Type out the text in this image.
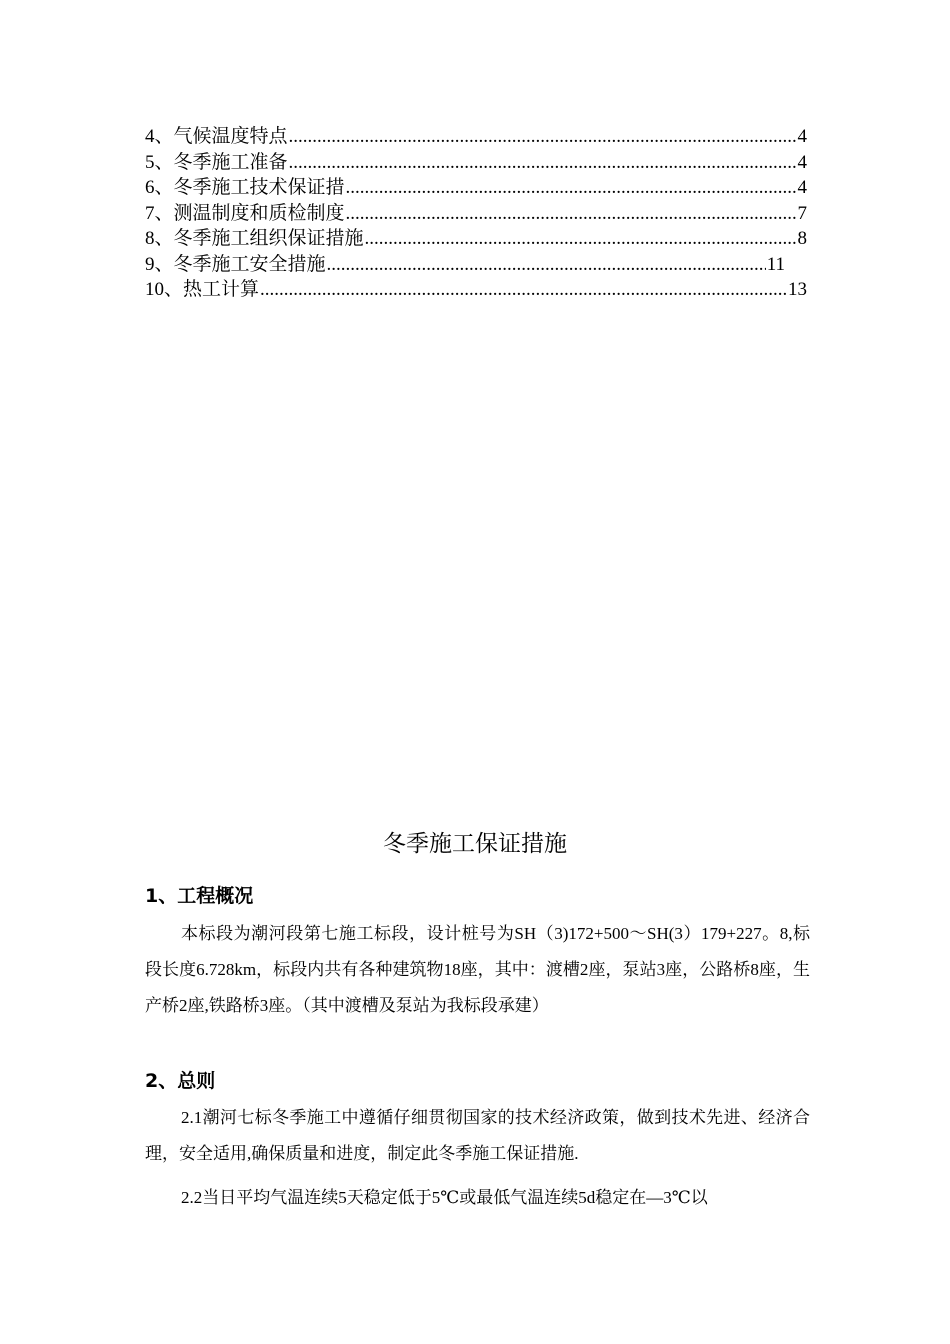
4、气候温度特点 .....	4
5、冬季施工准备 .....	4
6、冬季施工技术保证措 .....	4
7、测温制度和质检制度 .....	7
8、冬季施工组织保证措施 .....	8
9、冬季施工安全措施 .....	11
10、热工计算 .....	13
冬季施工保证措施
1、工程概况

本标段为潮河段第七施工标段，设计桩号为SH（3)172+500～SH(3）179+227。8,标段长度6.728km，标段内共有各种建筑物18座，其中：渡槽2座，泵站3座，公路桥8座，生产桥2座,铁路桥3座。（其中渡槽及泵站为我标段承建）

2、总则

2.1潮河七标冬季施工中遵循仔细贯彻国家的技术经济政策，做到技术先进、经济合理，安全适用,确保质量和进度，制定此冬季施工保证措施.

2.2当日平均气温连续5天稳定低于5℃或最低气温连续5d稳定在—3℃以
